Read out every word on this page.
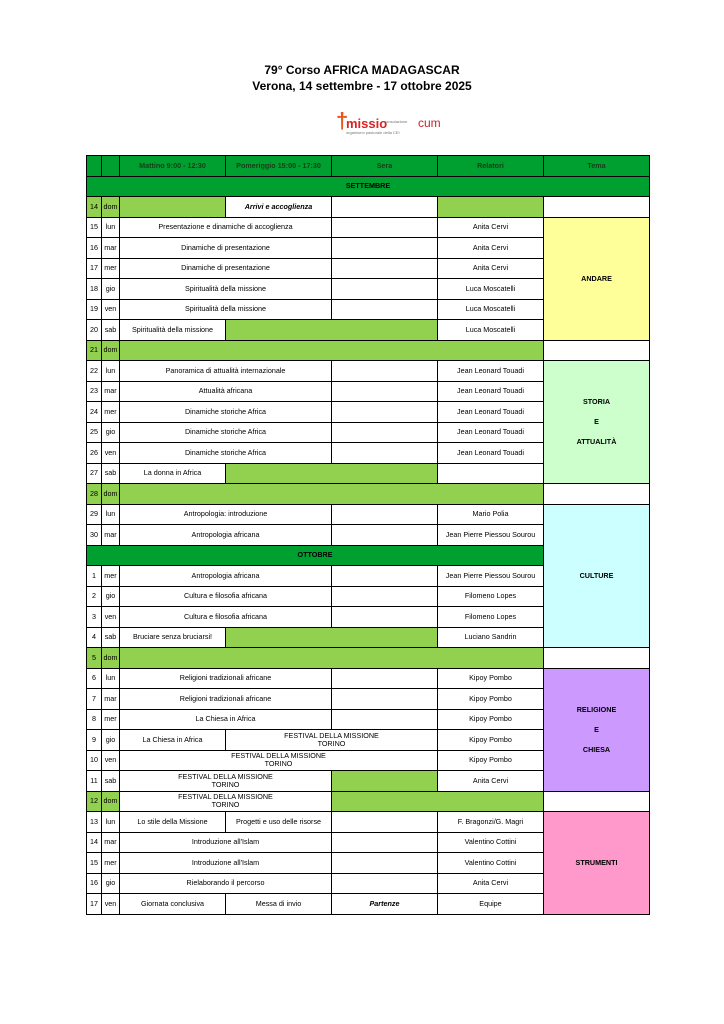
79° Corso AFRICA MADAGASCAR
Verona, 14 settembre - 17 ottobre 2025
†
missio
consolazione cum
organismo pastorale della CEI
		Mattino 9:00 - 12:30	Pomeriggio 15:00 - 17:30	Sera	Relatori	Tema
SETTEMBRE						
14	dom		Arrivi e accoglienza			
15	lun	Presentazione e dinamiche di accoglienza			Anita Cervi	ANDARE
16	mar	Dinamiche di presentazione			Anita Cervi	
17	mer	Dinamiche di presentazione			Anita Cervi	
18	gio	Spiritualità della missione			Luca Moscatelli	
19	ven	Spiritualità della missione			Luca Moscatelli	
20	sab	Spiritualità della missione			Luca Moscatelli	
21	dom					
22	lun	Panoramica di attualità internazionale			Jean Leonard Touadi	STORIA
E
ATTUALITÀ

23	mar	Attualità africana			Jean Leonard Touadi	
24	mer	Dinamiche storiche Africa			Jean Leonard Touadi	
25	gio	Dinamiche storiche Africa			Jean Leonard Touadi	
26	ven	Dinamiche storiche Africa			Jean Leonard Touadi	
27	sab	La donna in Africa				
28	dom					
29	lun	Antropologia: introduzione			Mario Polia	CULTURE
30	mar	Antropologia africana			Jean Pierre Piessou Sourou	
OTTOBRE						
1	mer	Antropologia africana			Jean Pierre Piessou Sourou	
2	gio	Cultura e filosofia africana			Filomeno Lopes	
3	ven	Cultura e filosofia africana			Filomeno Lopes	
4	sab	Bruciare senza bruciarsi!			Luciano Sandrin	
5	dom					
6	lun	Religioni tradizionali africane			Kipoy Pombo	RELIGIONE
E
CHIESA

7	mar	Religioni tradizionali africane			Kipoy Pombo	
8	mer	La Chiesa in Africa			Kipoy Pombo	
9	gio	La Chiesa in Africa	FESTIVAL DELLA MISSIONE
TORINO		Kipoy Pombo	
10	ven	FESTIVAL DELLA MISSIONE
TORINO			Kipoy Pombo	
11	sab	FESTIVAL DELLA MISSIONE
TORINO			Anita Cervi	
12	dom	FESTIVAL DELLA MISSIONE
TORINO				

13	lun	Lo stile della Missione	Progetti e uso delle risorse		F. Bragonzi/G. Magri	STRUMENTI
14	mar	Introduzione all'Islam			Valentino Cottini	
15	mer	Introduzione all'Islam			Valentino Cottini	
16	gio	Rielaborando il percorso			Anita Cervi	
17	ven	Giornata conclusiva	Messa di invio	Partenze	Equipe	
